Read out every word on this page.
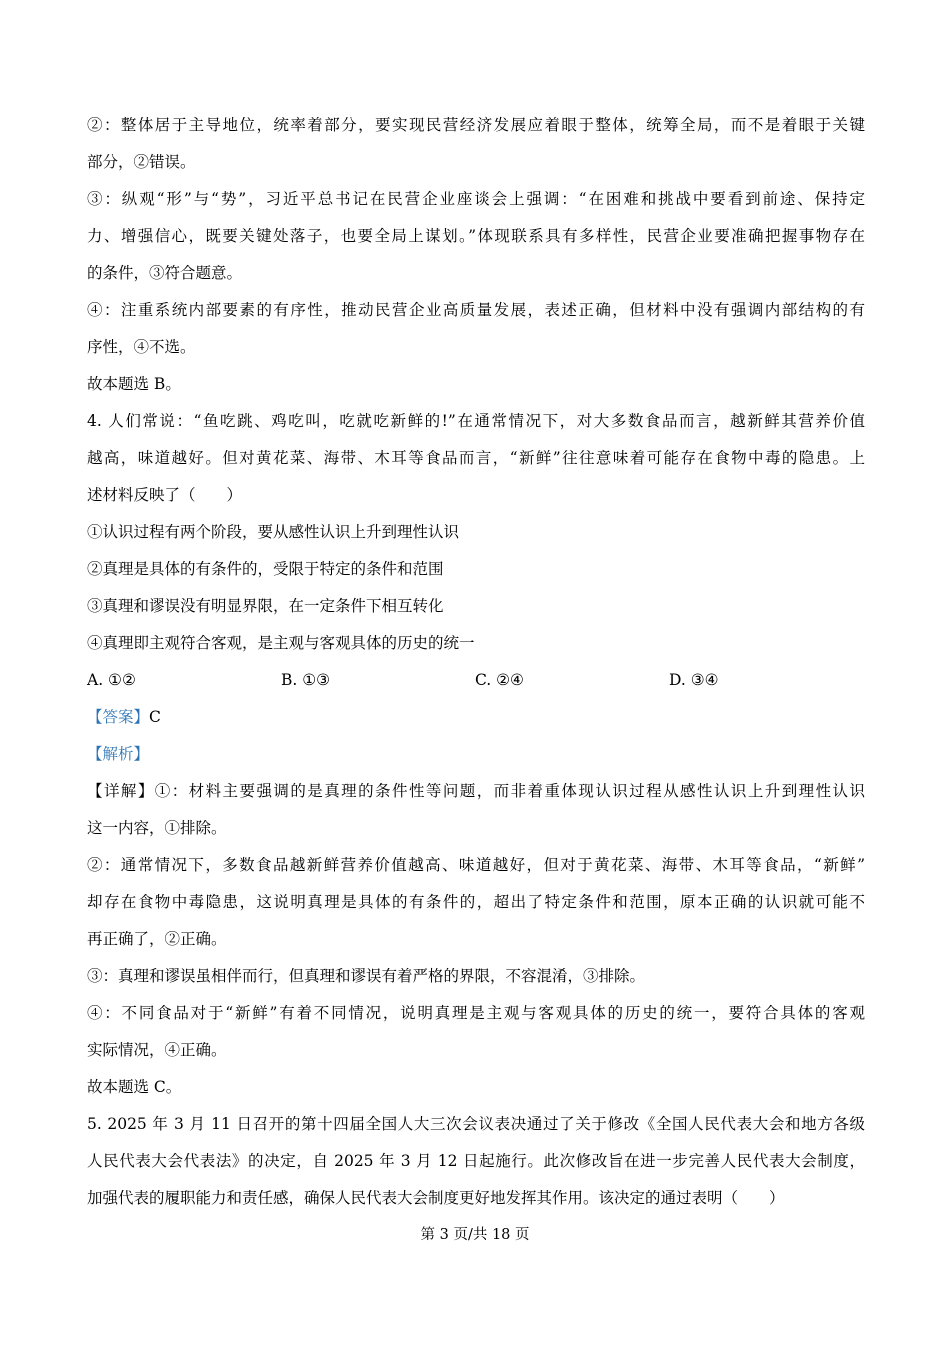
②：整体居于主导地位，统率着部分，要实现民营经济发展应着眼于整体，统筹全局，而不是着眼于关键
部分，②错误。
③：纵观“形”与“势”，习近平总书记在民营企业座谈会上强调：“在困难和挑战中要看到前途、保持定
力、增强信心，既要关键处落子，也要全局上谋划。”体现联系具有多样性，民营企业要准确把握事物存在
的条件，③符合题意。
④：注重系统内部要素的有序性，推动民营企业高质量发展，表述正确，但材料中没有强调内部结构的有
序性，④不选。
故本题选 B。
4. 人们常说：“鱼吃跳、鸡吃叫，吃就吃新鲜的!”在通常情况下，对大多数食品而言，越新鲜其营养价值
越高，味道越好。但对黄花菜、海带、木耳等食品而言，“新鲜”往往意味着可能存在食物中毒的隐患。上
述材料反映了（　　）
①认识过程有两个阶段，要从感性认识上升到理性认识
②真理是具体的有条件的，受限于特定的条件和范围
③真理和谬误没有明显界限，在一定条件下相互转化
④真理即主观符合客观，是主观与客观具体的历史的统一
A. ①②	B. ①③	C. ②④	D. ③④
【答案】C
【解析】
【详解】①：材料主要强调的是真理的条件性等问题，而非着重体现认识过程从感性认识上升到理性认识
这一内容，①排除。
②：通常情况下，多数食品越新鲜营养价值越高、味道越好，但对于黄花菜、海带、木耳等食品，“新鲜”
却存在食物中毒隐患，这说明真理是具体的有条件的，超出了特定条件和范围，原本正确的认识就可能不
再正确了，②正确。
③：真理和谬误虽相伴而行，但真理和谬误有着严格的界限，不容混淆，③排除。
④：不同食品对于“新鲜”有着不同情况，说明真理是主观与客观具体的历史的统一，要符合具体的客观
实际情况，④正确。
故本题选 C。
5. 2025 年 3 月 11 日召开的第十四届全国人大三次会议表决通过了关于修改《全国人民代表大会和地方各级
人民代表大会代表法》的决定，自 2025 年 3 月 12 日起施行。此次修改旨在进一步完善人民代表大会制度，
加强代表的履职能力和责任感，确保人民代表大会制度更好地发挥其作用。该决定的通过表明（　　）
第 3 页/共 18 页
